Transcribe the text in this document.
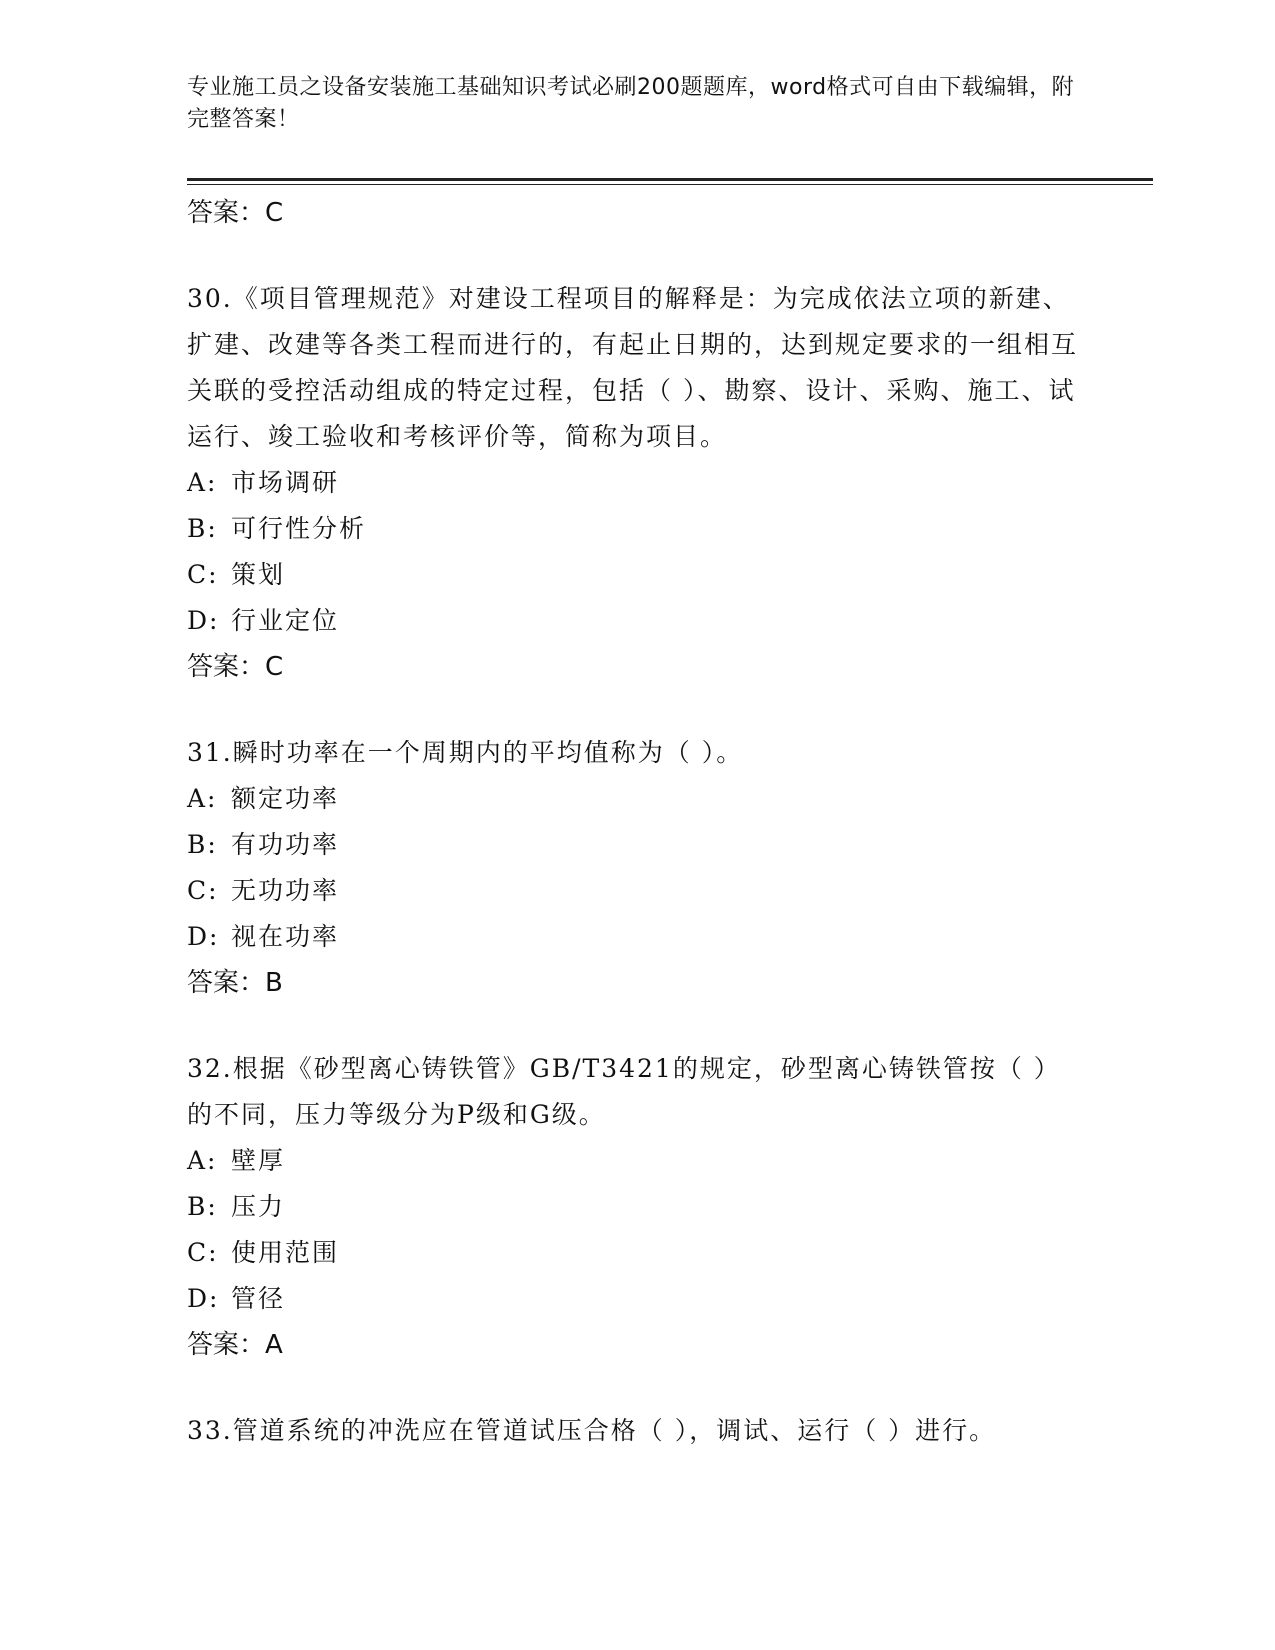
专业施工员之设备安装施工基础知识考试必刷200题题库，word格式可自由下载编辑，附完整答案！

答案：C

30.《项目管理规范》对建设工程项目的解释是：为完成依法立项的新建、扩建、改建等各类工程而进行的，有起止日期的，达到规定要求的一组相互关联的受控活动组成的特定过程，包括（ ）、勘察、设计、采购、施工、试运行、竣工验收和考核评价等，简称为项目。

A: 市场调研

B: 可行性分析

C: 策划

D: 行业定位

答案：C

31.瞬时功率在一个周期内的平均值称为（ ）。

A: 额定功率

B: 有功功率

C: 无功功率

D: 视在功率

答案：B

32.根据《砂型离心铸铁管》GB/T3421的规定，砂型离心铸铁管按（ ）的不同，压力等级分为P级和G级。

A: 壁厚

B: 压力

C: 使用范围

D: 管径

答案：A

33.管道系统的冲洗应在管道试压合格（ ），调试、运行（ ）进行。
